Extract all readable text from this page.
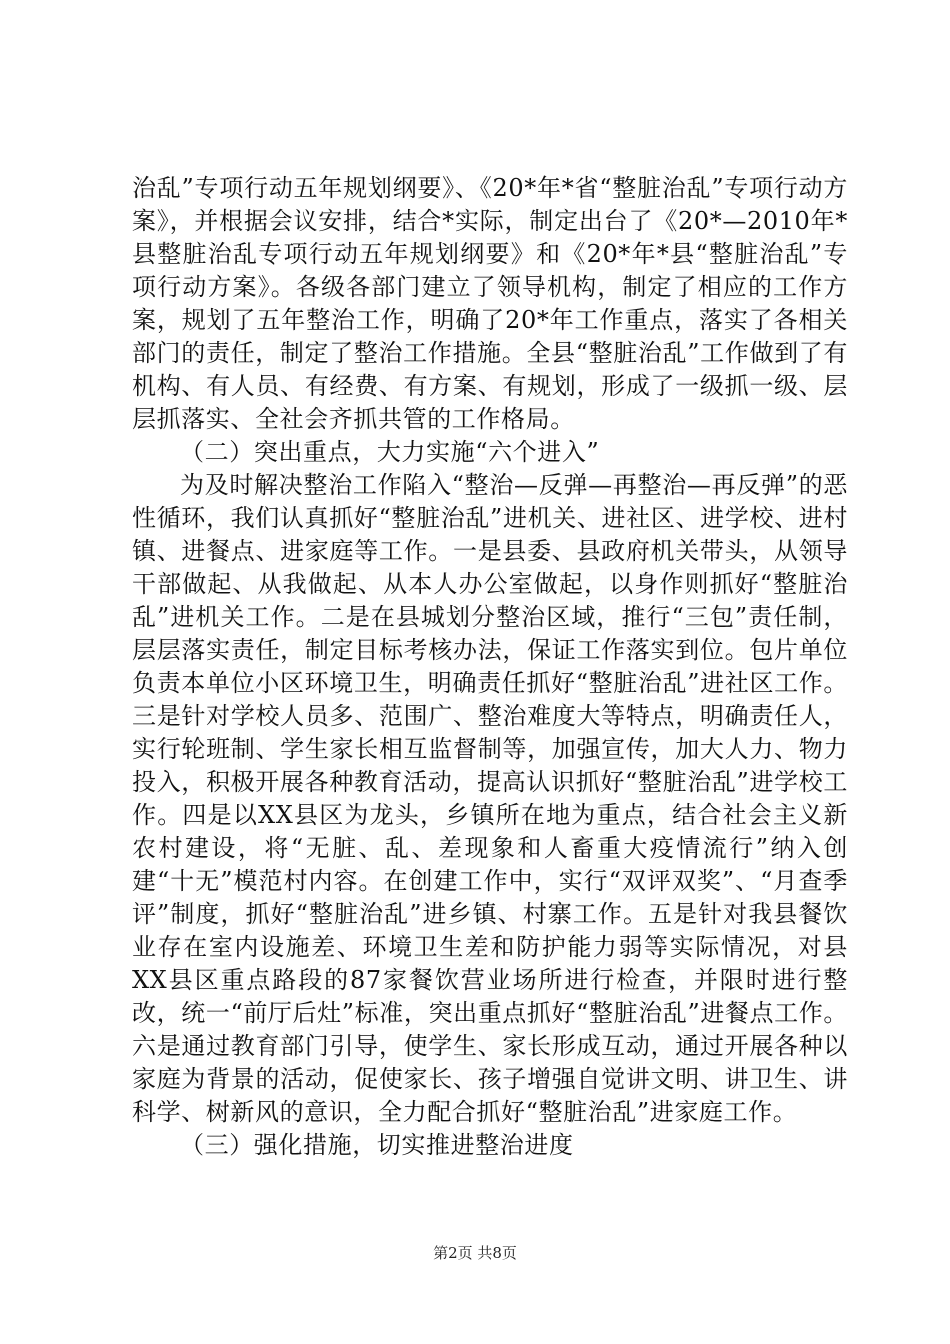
治乱”专项行动五年规划纲要》、《20*年*省“整脏治乱”专项行动方案》，并根据会议安排，结合*实际，制定出台了《20*—2010年*县整脏治乱专项行动五年规划纲要》和《20*年*县“整脏治乱”专项行动方案》。各级各部门建立了领导机构，制定了相应的工作方案，规划了五年整治工作，明确了20*年工作重点，落实了各相关部门的责任，制定了整治工作措施。全县“整脏治乱”工作做到了有机构、有人员、有经费、有方案、有规划，形成了一级抓一级、层层抓落实、全社会齐抓共管的工作格局。

（二）突出重点，大力实施“六个进入”

为及时解决整治工作陷入“整治—反弹—再整治—再反弹”的恶性循环，我们认真抓好“整脏治乱”进机关、进社区、进学校、进村镇、进餐点、进家庭等工作。一是县委、县政府机关带头，从领导干部做起、从我做起、从本人办公室做起，以身作则抓好“整脏治乱”进机关工作。二是在县城划分整治区域，推行“三包”责任制，层层落实责任，制定目标考核办法，保证工作落实到位。包片单位负责本单位小区环境卫生，明确责任抓好“整脏治乱”进社区工作。三是针对学校人员多、范围广、整治难度大等特点，明确责任人，实行轮班制、学生家长相互监督制等，加强宣传，加大人力、物力投入，积极开展各种教育活动，提高认识抓好“整脏治乱”进学校工作。四是以XX县区为龙头，乡镇所在地为重点，结合社会主义新农村建设，将“无脏、乱、差现象和人畜重大疫情流行”纳入创建“十无”模范村内容。在创建工作中，实行“双评双奖”、“月查季评”制度，抓好“整脏治乱”进乡镇、村寨工作。五是针对我县餐饮业存在室内设施差、环境卫生差和防护能力弱等实际情况，对县XX县区重点路段的87家餐饮营业场所进行检查，并限时进行整改，统一“前厅后灶”标准，突出重点抓好“整脏治乱”进餐点工作。六是通过教育部门引导，使学生、家长形成互动，通过开展各种以家庭为背景的活动，促使家长、孩子增强自觉讲文明、讲卫生、讲科学、树新风的意识，全力配合抓好“整脏治乱”进家庭工作。

（三）强化措施，切实推进整治进度

第2页 共8页
